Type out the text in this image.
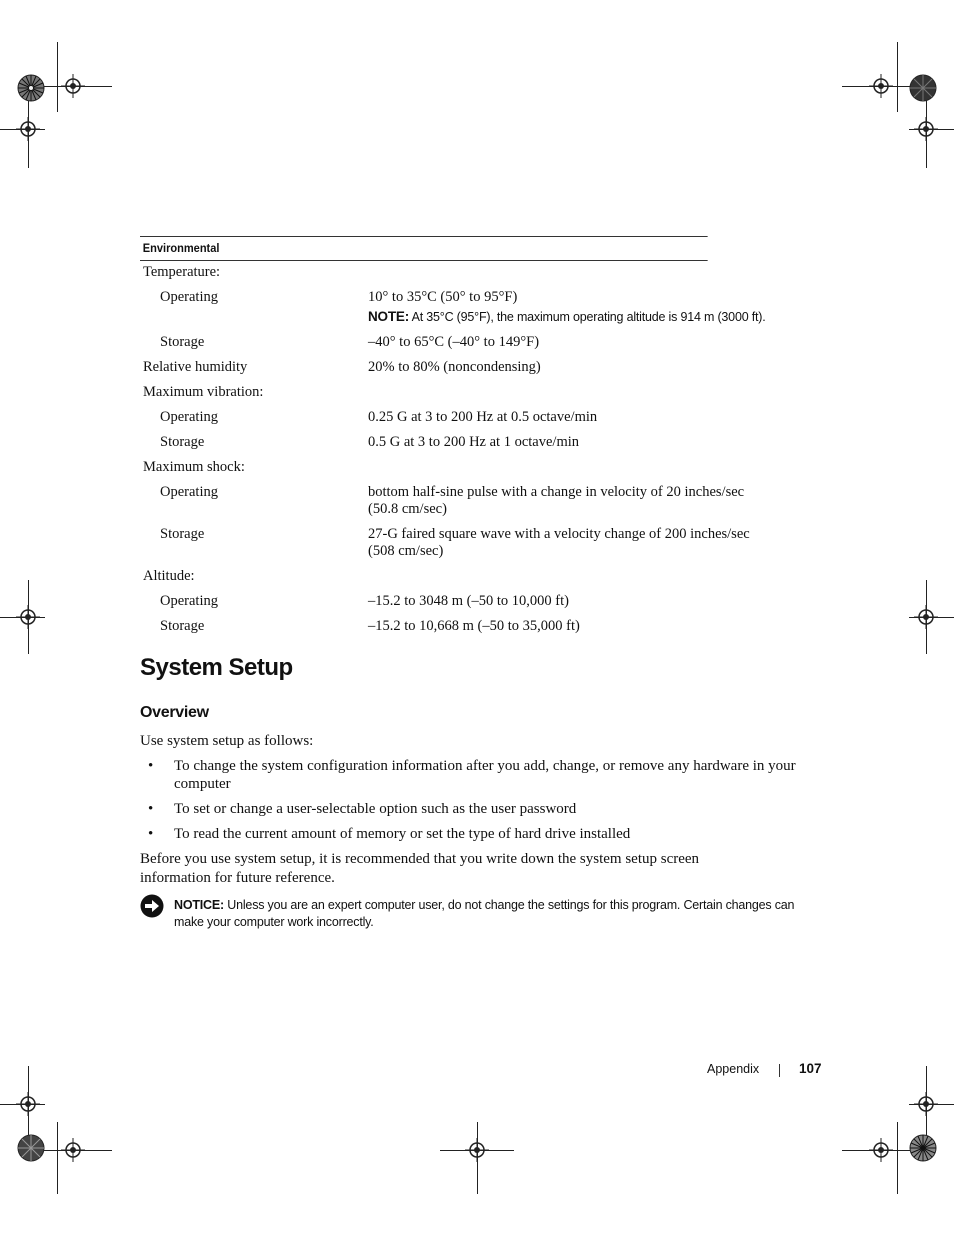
Environmental
Temperature:
Operating	10° to 35°C (50° to 95°F)
NOTE: At 35°C (95°F), the maximum operating altitude is 914 m (3000 ft).
Storage	–40° to 65°C (–40° to 149°F)
Relative humidity	20% to 80% (noncondensing)
Maximum vibration:
Operating	0.25 G at 3 to 200 Hz at 0.5 octave/min
Storage	0.5 G at 3 to 200 Hz at 1 octave/min
Maximum shock:
Operating	bottom half-sine pulse with a change in velocity of 20 inches/sec (50.8 cm/sec)
Storage	27-G faired square wave with a velocity change of 200 inches/sec (508 cm/sec)
Altitude:
Operating	–15.2 to 3048 m (–50 to 10,000 ft)
Storage	–15.2 to 10,668 m (–50 to 35,000 ft)
System Setup
Overview
Use system setup as follows:
• To change the system configuration information after you add, change, or remove any hardware in your computer
• To set or change a user-selectable option such as the user password
• To read the current amount of memory or set the type of hard drive installed
Before you use system setup, it is recommended that you write down the system setup screen information for future reference.
NOTICE: Unless you are an expert computer user, do not change the settings for this program. Certain changes can make your computer work incorrectly.
Appendix	107
